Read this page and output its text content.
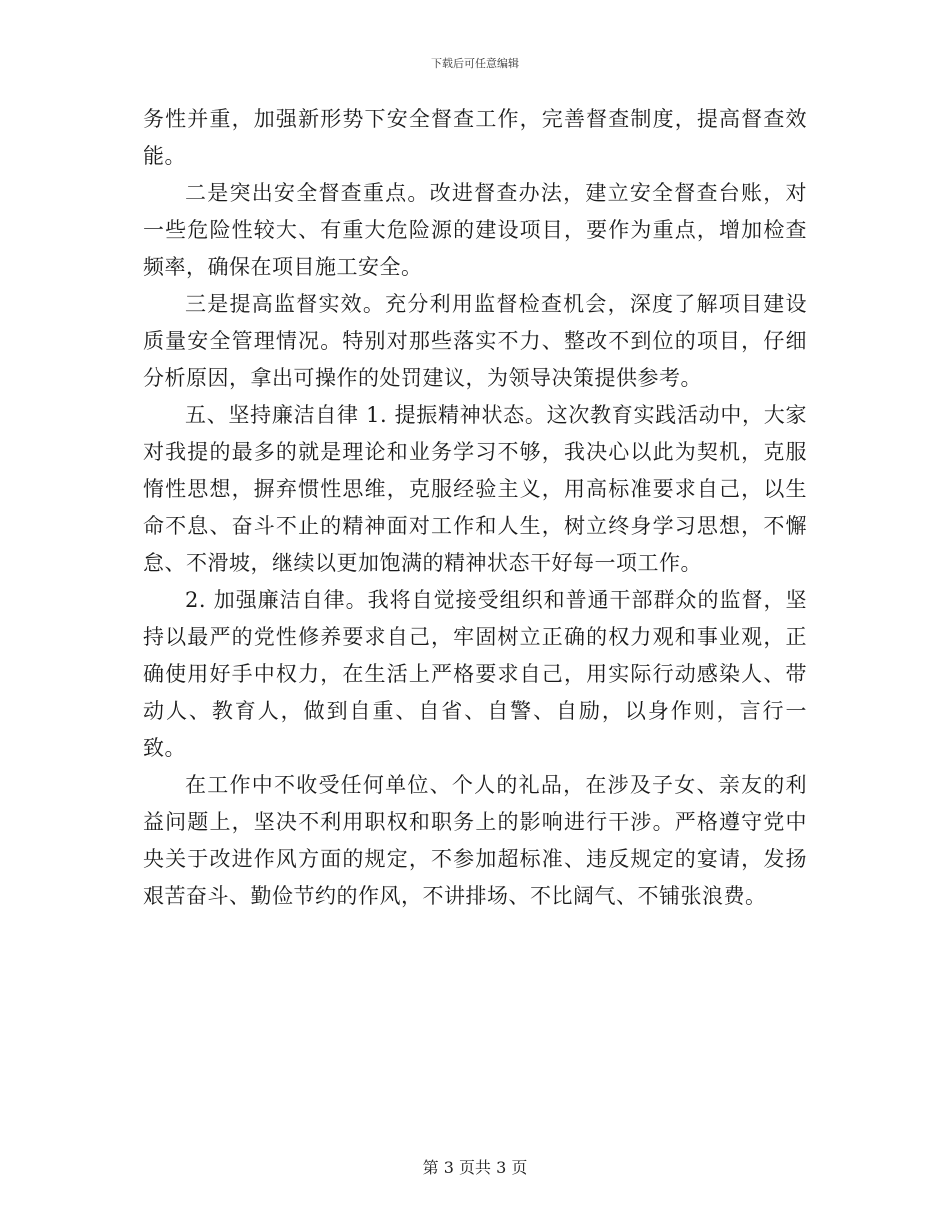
下载后可任意编辑

务性并重，加强新形势下安全督查工作，完善督查制度，提高督查效能。

二是突出安全督查重点。改进督查办法，建立安全督查台账，对一些危险性较大、有重大危险源的建设项目，要作为重点，增加检查频率，确保在项目施工安全。

三是提高监督实效。充分利用监督检查机会，深度了解项目建设质量安全管理情况。特别对那些落实不力、整改不到位的项目，仔细分析原因，拿出可操作的处罚建议，为领导决策提供参考。

五、坚持廉洁自律 1. 提振精神状态。这次教育实践活动中，大家对我提的最多的就是理论和业务学习不够，我决心以此为契机，克服惰性思想，摒弃惯性思维，克服经验主义，用高标准要求自己，以生命不息、奋斗不止的精神面对工作和人生，树立终身学习思想，不懈怠、不滑坡，继续以更加饱满的精神状态干好每一项工作。

2. 加强廉洁自律。我将自觉接受组织和普通干部群众的监督，坚持以最严的党性修养要求自己，牢固树立正确的权力观和事业观，正确使用好手中权力，在生活上严格要求自己，用实际行动感染人、带动人、教育人，做到自重、自省、自警、自励，以身作则，言行一致。

在工作中不收受任何单位、个人的礼品，在涉及子女、亲友的利益问题上，坚决不利用职权和职务上的影响进行干涉。严格遵守党中央关于改进作风方面的规定，不参加超标准、违反规定的宴请，发扬艰苦奋斗、勤俭节约的作风，不讲排场、不比阔气、不铺张浪费。

第 3 页共 3 页
